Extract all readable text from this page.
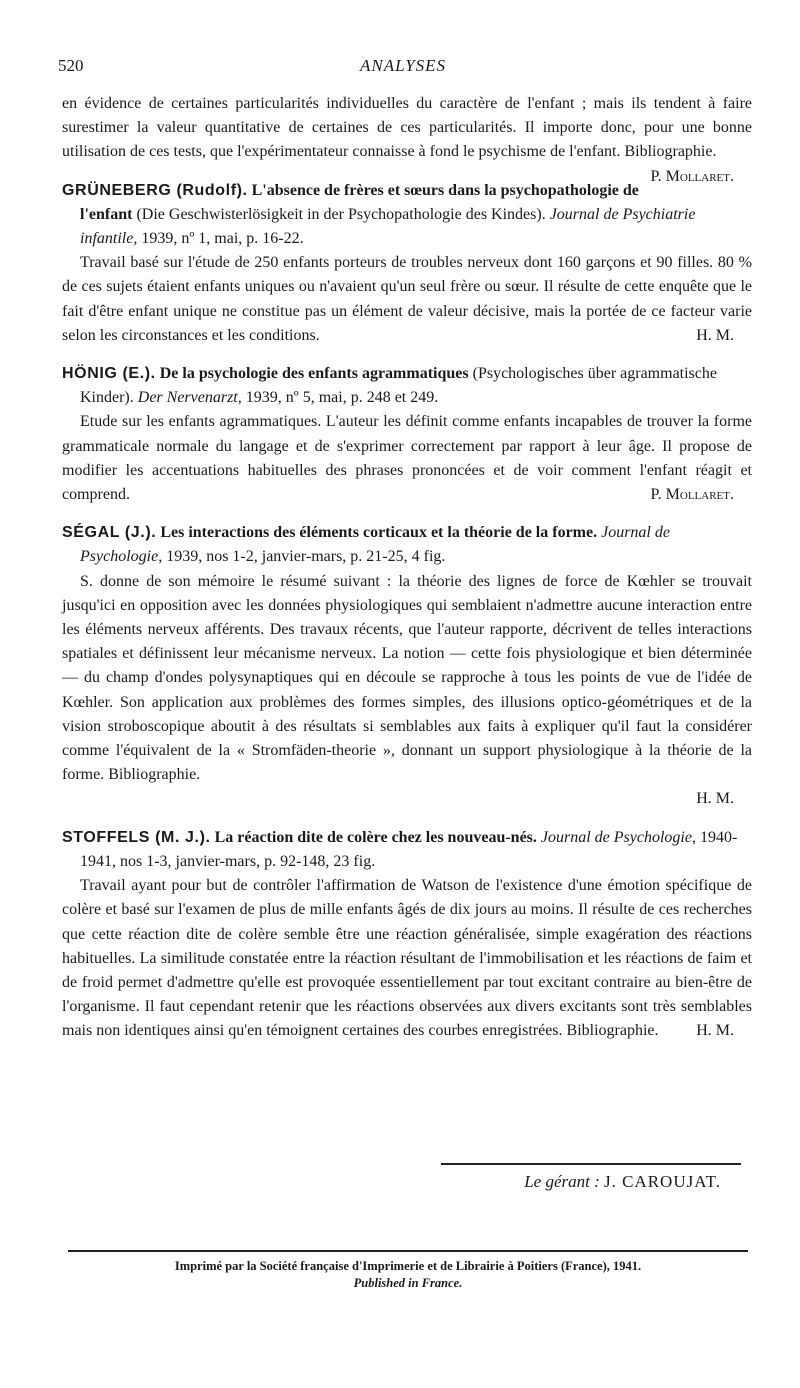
520	ANALYSES

en évidence de certaines particularités individuelles du caractère de l'enfant ; mais ils tendent à faire surestimer la valeur quantitative de certaines de ces particularités. Il importe donc, pour une bonne utilisation de ces tests, que l'expérimentateur connaisse à fond le psychisme de l'enfant. Bibliographie.
P. Mollaret.

GRÜNEBERG (Rudolf). L'absence de frères et sœurs dans la psychopathologie de l'enfant (Die Geschwisterlösigkeit in der Psychopathologie des Kindes). Journal de Psychiatrie infantile, 1939, nº 1, mai, p. 16-22.

Travail basé sur l'étude de 250 enfants porteurs de troubles nerveux dont 160 garçons et 90 filles. 80 % de ces sujets étaient enfants uniques ou n'avaient qu'un seul frère ou sœur. Il résulte de cette enquête que le fait d'être enfant unique ne constitue pas un élément de valeur décisive, mais la portée de ce facteur varie selon les circonstances et les conditions.	H. M.

HÖNIG (E.). De la psychologie des enfants agrammatiques (Psychologisches über agrammatische Kinder). Der Nervenarzt, 1939, nº 5, mai, p. 248 et 249.

Etude sur les enfants agrammatiques. L'auteur les définit comme enfants incapables de trouver la forme grammaticale normale du langage et de s'exprimer correctement par rapport à leur âge. Il propose de modifier les accentuations habituelles des phrases prononcées et de voir comment l'enfant réagit et comprend.	P. Mollaret.

SÉGAL (J.). Les interactions des éléments corticaux et la théorie de la forme. Journal de Psychologie, 1939, nos 1-2, janvier-mars, p. 21-25, 4 fig.

S. donne de son mémoire le résumé suivant : la théorie des lignes de force de Kœhler se trouvait jusqu'ici en opposition avec les données physiologiques qui semblaient n'admettre aucune interaction entre les éléments nerveux afférents. Des travaux récents, que l'auteur rapporte, décrivent de telles interactions spatiales et définissent leur mécanisme nerveux. La notion — cette fois physiologique et bien déterminée — du champ d'ondes polysynaptiques qui en découle se rapproche à tous les points de vue de l'idée de Kœhler. Son application aux problèmes des formes simples, des illusions optico-géométriques et de la vision stroboscopique aboutit à des résultats si semblables aux faits à expliquer qu'il faut la considérer comme l'équivalent de la « Stromfäden-theorie », donnant un support physiologique à la théorie de la forme. Bibliographie.

H. M.

STOFFELS (M. J.). La réaction dite de colère chez les nouveau-nés. Journal de Psychologie, 1940-1941, nos 1-3, janvier-mars, p. 92-148, 23 fig.

Travail ayant pour but de contrôler l'affirmation de Watson de l'existence d'une émotion spécifique de colère et basé sur l'examen de plus de mille enfants âgés de dix jours au moins. Il résulte de ces recherches que cette réaction dite de colère semble être une réaction généralisée, simple exagération des réactions habituelles. La similitude constatée entre la réaction résultant de l'immobilisation et les réactions de faim et de froid permet d'admettre qu'elle est provoquée essentiellement par tout excitant contraire au bien-être de l'organisme. Il faut cependant retenir que les réactions observées aux divers excitants sont très semblables mais non identiques ainsi qu'en témoignent certaines des courbes enregistrées. Bibliographie.	H. M.

Le gérant : J. CAROUJAT.
Imprimé par la Société française d'Imprimerie et de Librairie à Poitiers (France), 1941.
Published in France.
